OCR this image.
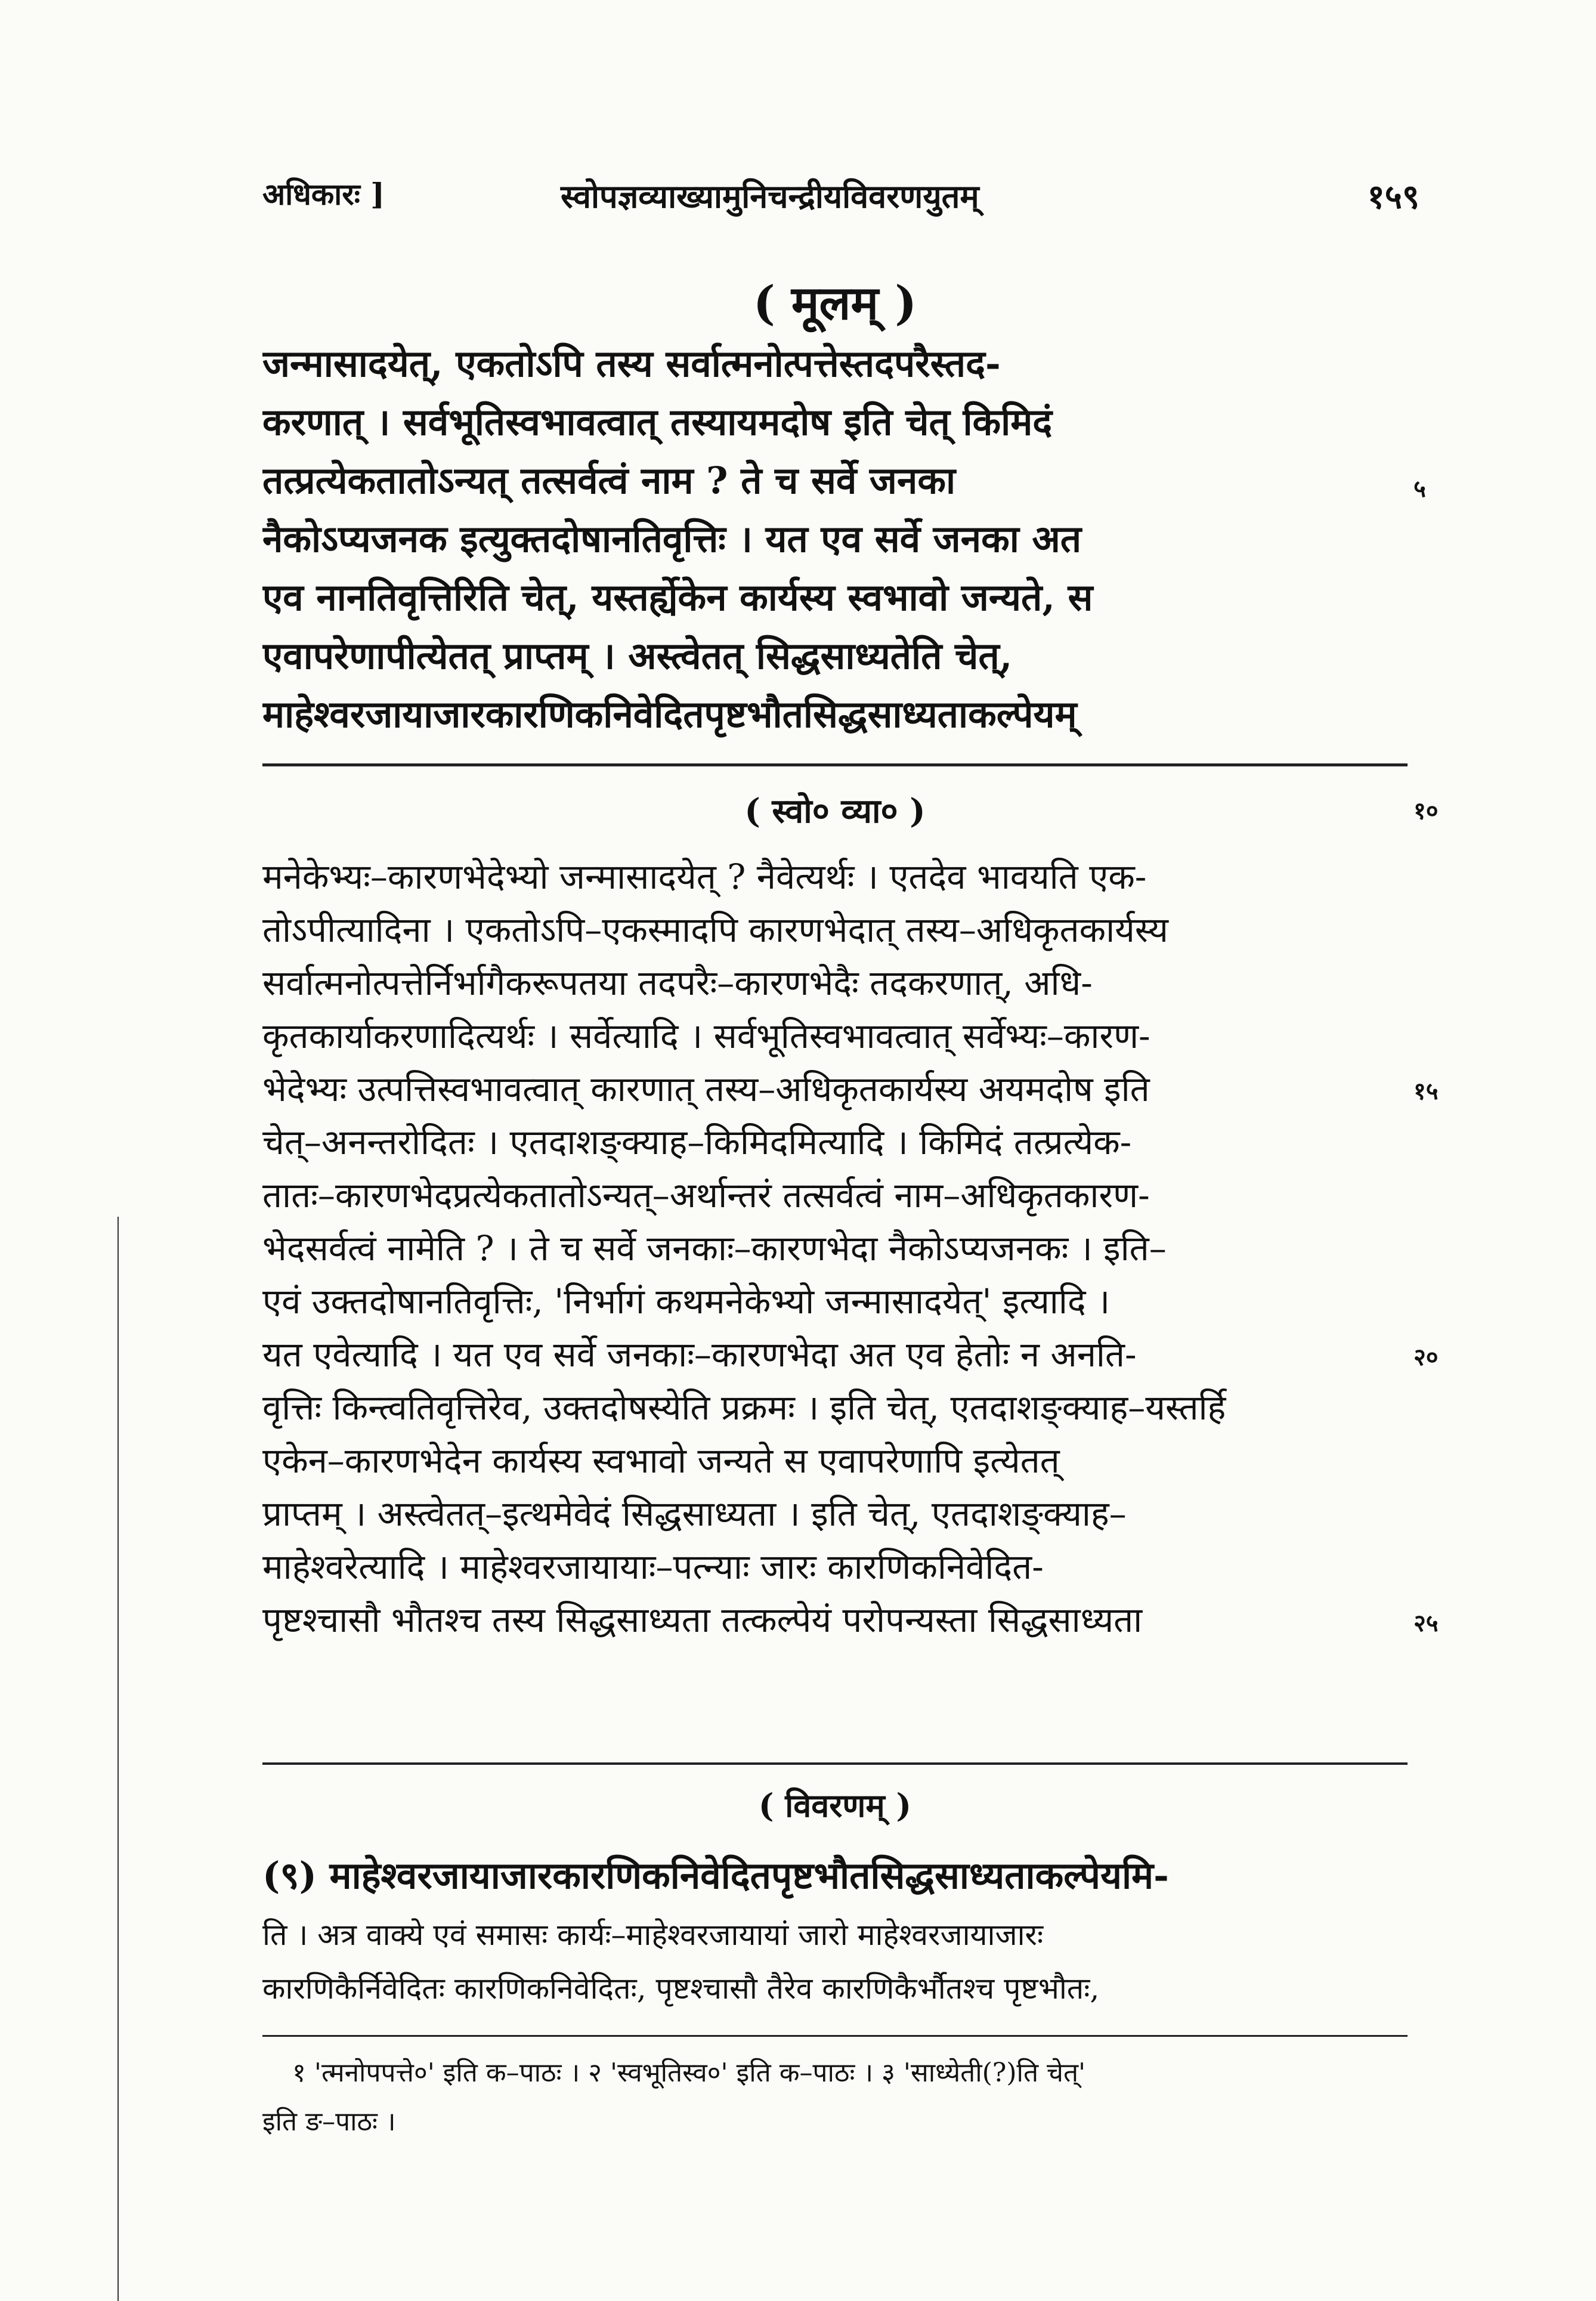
अधिकारः ]	स्वोपज्ञव्याख्यामुनिचन्द्रीयविवरणयुतम्	१५९
( मूलम् )
जन्मासादयेत्, एकतोऽपि तस्य सर्वात्मनोत्पत्तेस्तदपरैस्तद-
करणात् । सर्वभूतिस्वभावत्वात् तस्यायमदोष इति चेत् किमिदं
तत्प्रत्येकतातोऽन्यत् तत्सर्वत्वं नाम ? ते च सर्वे जनका	५
नैकोऽप्यजनक इत्युक्तदोषानतिवृत्तिः । यत एव सर्वे जनका अत
एव नानतिवृत्तिरिति चेत्, यस्तर्ह्येकेन कार्यस्य स्वभावो जन्यते, स
एवापरेणापीत्येतत् प्राप्तम् । अस्त्वेतत् सिद्धसाध्यतेति चेत्,
माहेश्वरजायाजारकारणिकनिवेदितपृष्टभौतसिद्धसाध्यताकल्पेयम्
( स्वो० व्या० )	१०
मनेकेभ्यः–कारणभेदेभ्यो जन्मासादयेत् ? नैवेत्यर्थः । एतदेव भावयति एक-
तोऽपीत्यादिना । एकतोऽपि–एकस्मादपि कारणभेदात् तस्य–अधिकृतकार्यस्य
सर्वात्मनोत्पत्तेर्निर्भागैकरूपतया तदपरैः–कारणभेदैः तदकरणात्, अधि-
कृतकार्याकरणादित्यर्थः । सर्वेत्यादि । सर्वभूतिस्वभावत्वात् सर्वेभ्यः–कारण-
भेदेभ्यः उत्पत्तिस्वभावत्वात् कारणात् तस्य–अधिकृतकार्यस्य अयमदोष इति	१५
चेत्–अनन्तरोदितः । एतदाशङ्क्याह–किमिदमित्यादि । किमिदं तत्प्रत्येक-
तातः–कारणभेदप्रत्येकतातोऽन्यत्–अर्थान्तरं तत्सर्वत्वं नाम–अधिकृतकारण-
भेदसर्वत्वं नामेति ? । ते च सर्वे जनकाः–कारणभेदा नैकोऽप्यजनकः । इति–
एवं उक्तदोषानतिवृत्तिः, 'निर्भागं कथमनेकेभ्यो जन्मासादयेत्' इत्यादि ।
यत एवेत्यादि । यत एव सर्वे जनकाः–कारणभेदा अत एव हेतोः न अनति-	२०
वृत्तिः किन्त्वतिवृत्तिरेव, उक्तदोषस्येति प्रक्रमः । इति चेत्, एतदाशङ्क्याह–यस्तर्हि
एकेन–कारणभेदेन कार्यस्य स्वभावो जन्यते स एवापरेणापि इत्येतत्
प्राप्तम् । अस्त्वेतत्–इत्थमेवेदं सिद्धसाध्यता । इति चेत्, एतदाशङ्क्याह–
माहेश्वरेत्यादि । माहेश्वरजायायाः–पत्न्याः जारः कारणिकनिवेदित-
पृष्टश्चासौ भौतश्च तस्य सिद्धसाध्यता तत्कल्पेयं परोपन्यस्ता सिद्धसाध्यता	२५
( विवरणम् )
(९) माहेश्वरजायाजारकारणिकनिवेदितपृष्टभौतसिद्धसाध्यताकल्पेयमि-
ति । अत्र वाक्ये एवं समासः कार्यः–माहेश्वरजायायां जारो माहेश्वरजायाजारः
कारणिकैर्निवेदितः कारणिकनिवेदितः, पृष्टश्चासौ तैरेव कारणिकैर्भौतश्च पृष्टभौतः,
१ 'त्मनोपपत्ते०' इति क–पाठः । २ 'स्वभूतिस्व०' इति क–पाठः । ३ 'साध्येती(?)ति चेत्'
इति ङ–पाठः ।
